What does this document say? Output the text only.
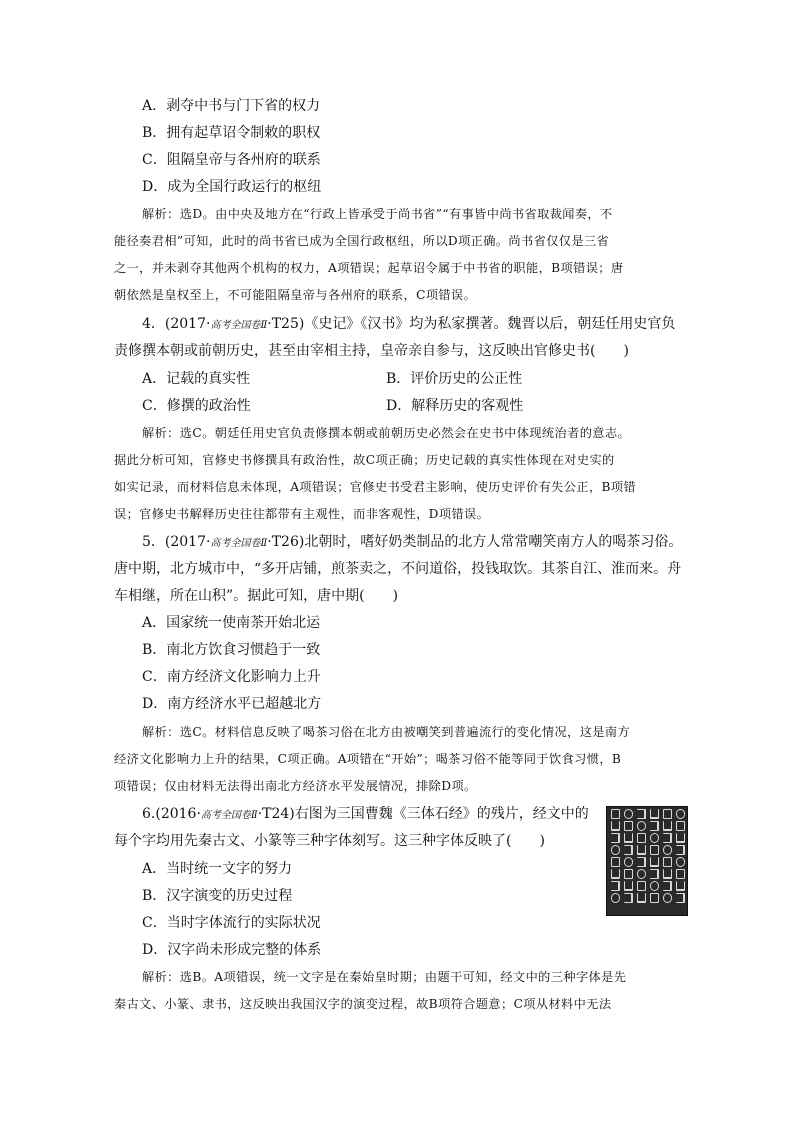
A．剥夺中书与门下省的权力
B．拥有起草诏令制敕的职权
C．阻隔皇帝与各州府的联系
D．成为全国行政运行的枢纽
解析：选D。由中央及地方在“行政上皆承受于尚书省”“有事皆中尚书省取裁闻奏，不
能径奏君相”可知，此时的尚书省已成为全国行政枢纽，所以D项正确。尚书省仅仅是三省
之一，并未剥夺其他两个机构的权力，A项错误；起草诏令属于中书省的职能，B项错误；唐
朝依然是皇权至上，不可能阻隔皇帝与各州府的联系，C项错误。
4．(2017·高考全国卷Ⅱ·T25)《史记》《汉书》均为私家撰著。魏晋以后，朝廷任用史官负
责修撰本朝或前朝历史，甚至由宰相主持，皇帝亲自参与，这反映出官修史书(　　)
A．记载的真实性	B．评价历史的公正性
C．修撰的政治性	D．解释历史的客观性
解析：选C。朝廷任用史官负责修撰本朝或前朝历史必然会在史书中体现统治者的意志。
据此分析可知，官修史书修撰具有政治性，故C项正确；历史记载的真实性体现在对史实的
如实记录，而材料信息未体现，A项错误；官修史书受君主影响，使历史评价有失公正，B项错
误；官修史书解释历史往往都带有主观性，而非客观性，D项错误。
5．(2017·高考全国卷Ⅱ·T26)北朝时，嗜好奶类制品的北方人常常嘲笑南方人的喝茶习俗。
唐中期，北方城市中，“多开店铺，煎茶卖之，不问道俗，投钱取饮。其茶自江、淮而来。舟
车相继，所在山积”。据此可知，唐中期(　　)
A．国家统一使南茶开始北运
B．南北方饮食习惯趋于一致
C．南方经济文化影响力上升
D．南方经济水平已超越北方
解析：选C。材料信息反映了喝茶习俗在北方由被嘲笑到普遍流行的变化情况，这是南方
经济文化影响力上升的结果，C项正确。A项错在“开始”；喝茶习俗不能等同于饮食习惯，B
项错误；仅由材料无法得出南北方经济水平发展情况，排除D项。
6.(2016·高考全国卷Ⅱ·T24)右图为三国曹魏《三体石经》的残片，经文中的
每个字均用先秦古文、小篆等三种字体刻写。这三种字体反映了(　　)
A．当时统一文字的努力
B．汉字演变的历史过程
C．当时字体流行的实际状况
D．汉字尚未形成完整的体系
解析：选B。A项错误，统一文字是在秦始皇时期；由题干可知，经文中的三种字体是先
秦古文、小篆、隶书，这反映出我国汉字的演变过程，故B项符合题意；C项从材料中无法
